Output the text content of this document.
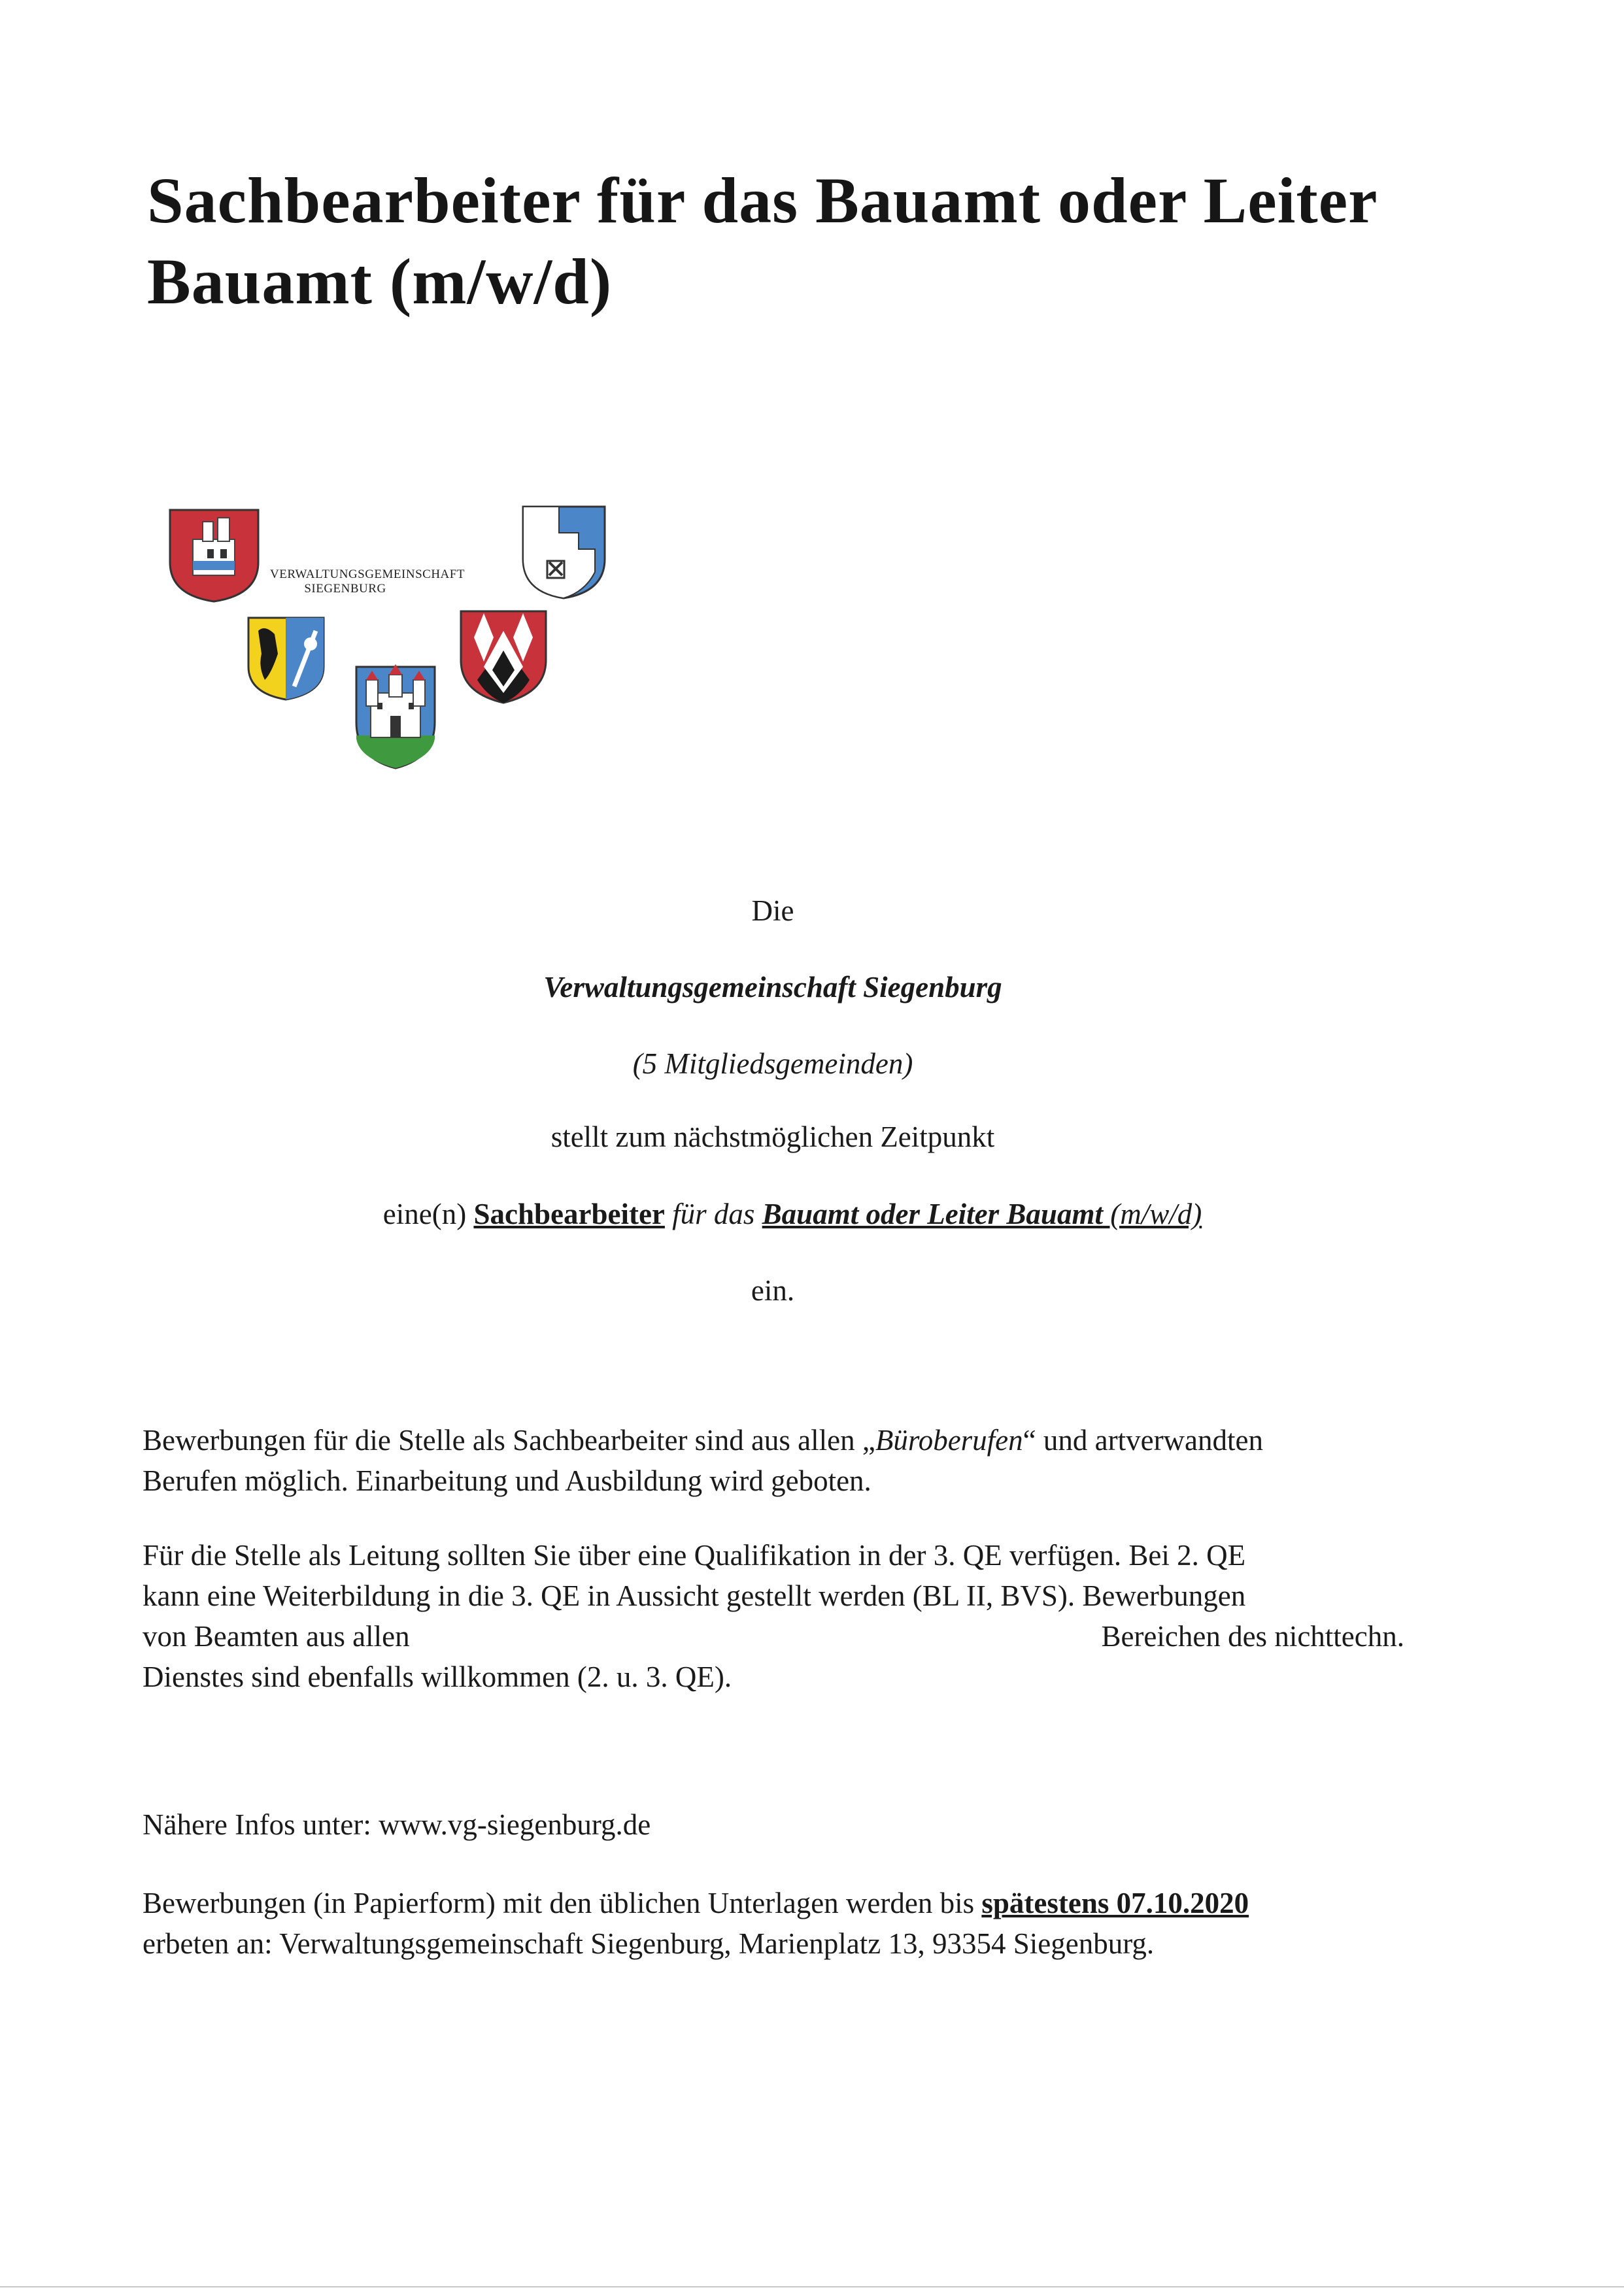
Sachbearbeiter für das Bauamt oder Leiter
Bauamt (m/w/d)
VERWALTUNGSGEMEINSCHAFT
SIEGENBURG
Die
Verwaltungsgemeinschaft Siegenburg
(5 Mitgliedsgemeinden)
stellt zum nächstmöglichen Zeitpunkt
eine(n) Sachbearbeiter für das Bauamt oder Leiter Bauamt (m/w/d)
ein.
Bewerbungen für die Stelle als Sachbearbeiter sind aus allen „Büroberufen“ und artverwandten
Berufen möglich. Einarbeitung und Ausbildung wird geboten.
Für die Stelle als Leitung sollten Sie über eine Qualifikation in der 3. QE verfügen. Bei 2. QE
kann eine Weiterbildung in die 3. QE in Aussicht gestellt werden (BL II, BVS). Bewerbungen
von Beamten aus allen	Bereichen des nichttechn.
Dienstes sind ebenfalls willkommen (2. u. 3. QE).
Nähere Infos unter: www.vg-siegenburg.de
Bewerbungen (in Papierform) mit den üblichen Unterlagen werden bis spätestens 07.10.2020
erbeten an: Verwaltungsgemeinschaft Siegenburg, Marienplatz 13, 93354 Siegenburg.
